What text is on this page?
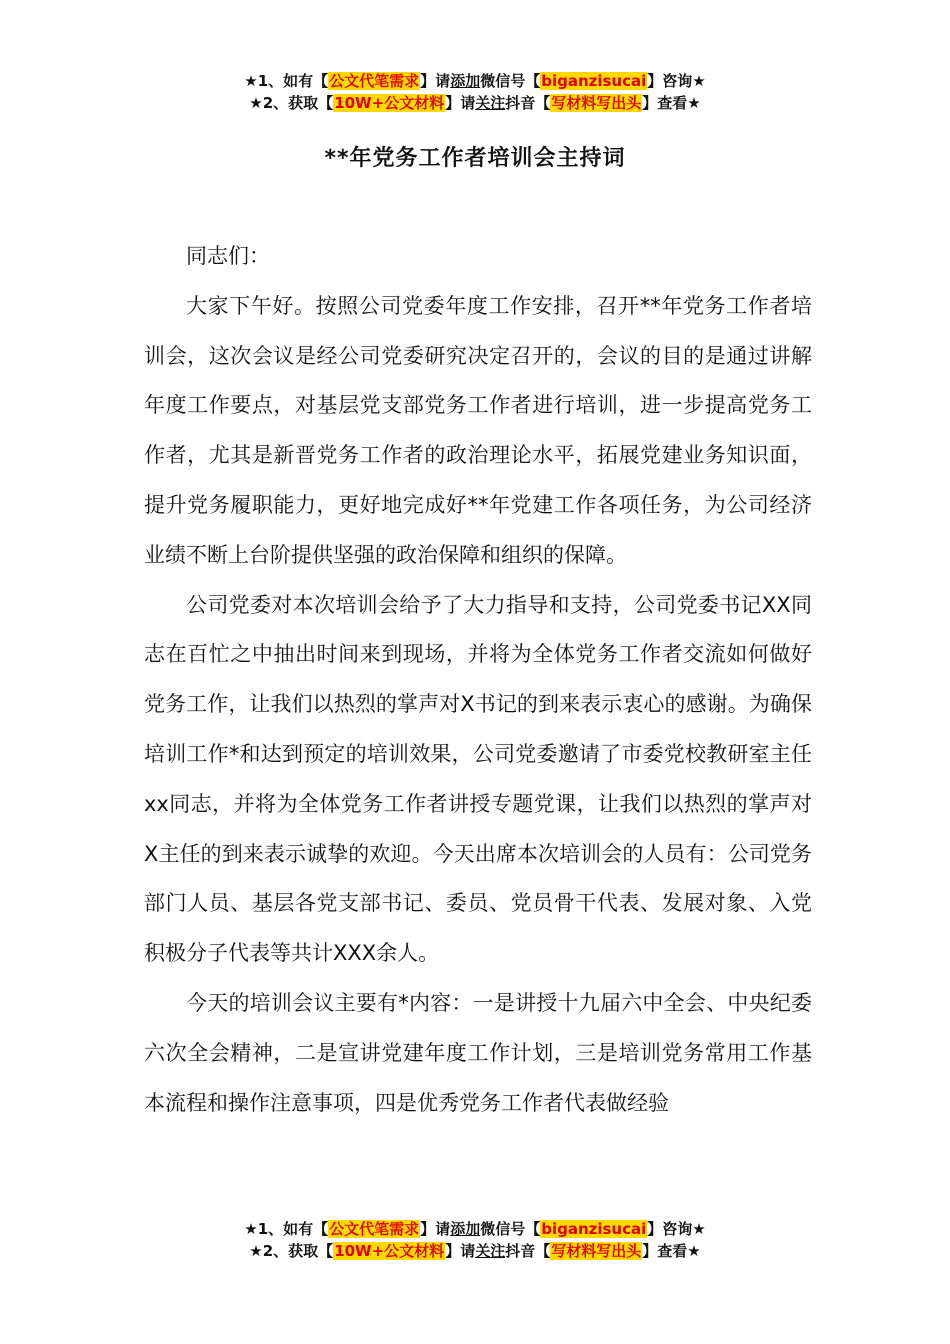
★1、如有【公文代笔需求】请添加微信号【biganzisucai】咨询★
★2、获取【10W+公文材料】请关注抖音【写材料写出头】查看★
**年党务工作者培训会主持词

同志们：

大家下午好。按照公司党委年度工作安排，召开**年党务工作者培训会，这次会议是经公司党委研究决定召开的，会议的目的是通过讲解年度工作要点，对基层党支部党务工作者进行培训，进一步提高党务工作者，尤其是新晋党务工作者的政治理论水平，拓展党建业务知识面，提升党务履职能力，更好地完成好**年党建工作各项任务，为公司经济业绩不断上台阶提供坚强的政治保障和组织的保障。

公司党委对本次培训会给予了大力指导和支持，公司党委书记XX同志在百忙之中抽出时间来到现场，并将为全体党务工作者交流如何做好党务工作，让我们以热烈的掌声对X书记的到来表示衷心的感谢。为确保培训工作*和达到预定的培训效果，公司党委邀请了市委党校教研室主任xx同志，并将为全体党务工作者讲授专题党课，让我们以热烈的掌声对X主任的到来表示诚挚的欢迎。今天出席本次培训会的人员有：公司党务部门人员、基层各党支部书记、委员、党员骨干代表、发展对象、入党积极分子代表等共计XXX余人。

今天的培训会议主要有*内容：一是讲授十九届六中全会、中央纪委六次全会精神，二是宣讲党建年度工作计划，三是培训党务常用工作基本流程和操作注意事项，四是优秀党务工作者代表做经验

★1、如有【公文代笔需求】请添加微信号【biganzisucai】咨询★
★2、获取【10W+公文材料】请关注抖音【写材料写出头】查看★
